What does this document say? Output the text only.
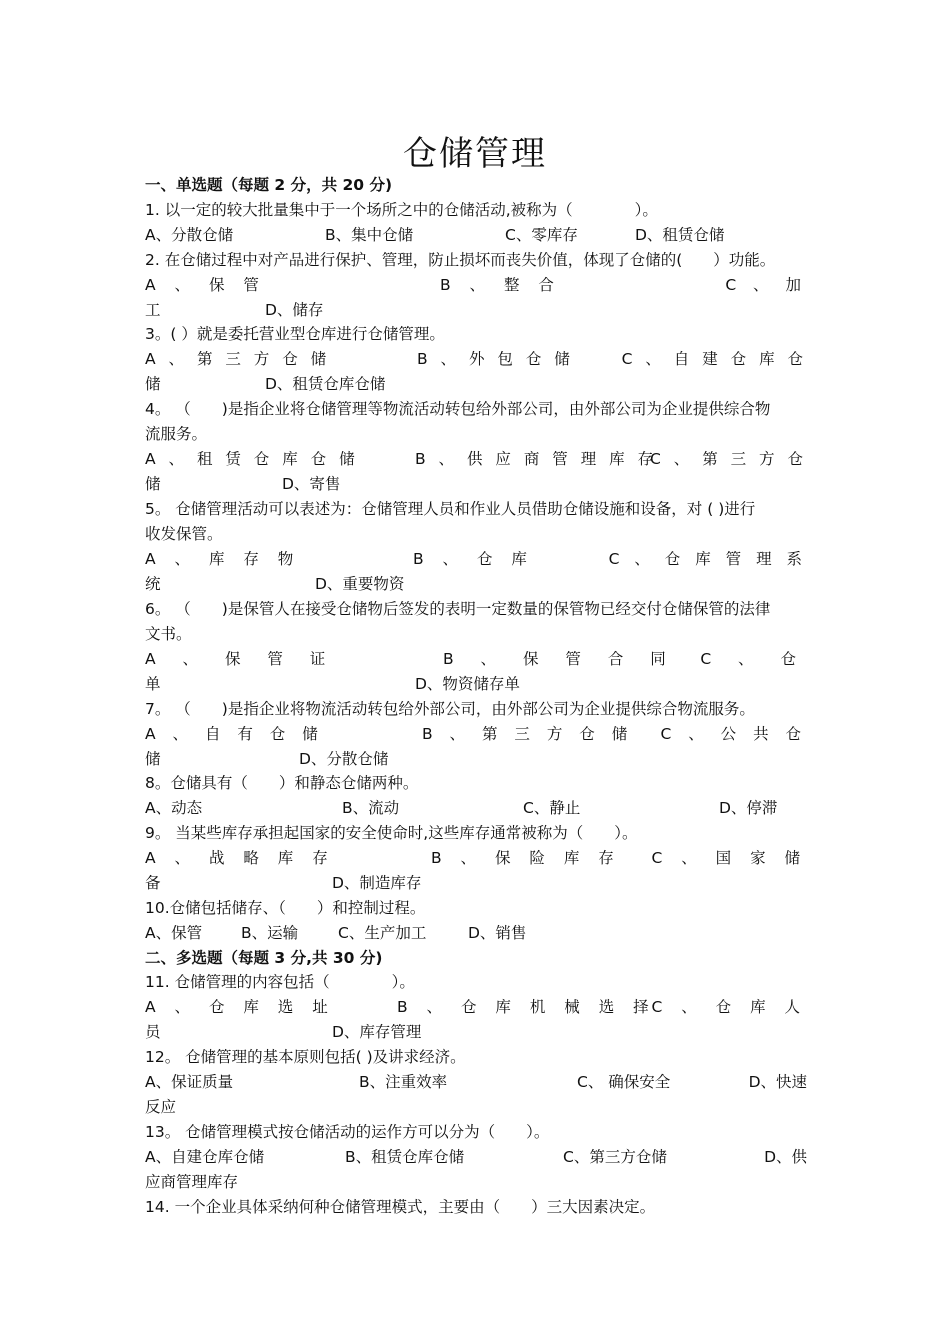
仓储管理
一、单选题（每题 2 分，共 20 分)
1. 以一定的较大批量集中于一个场所之中的仓储活动,被称为（　　　　）。
A、分散仓储	B、集中仓储	C、零库存	D、租赁仓储
2. 在仓储过程中对产品进行保护、管理，防止损坏而丧失价值，体现了仓储的(　　）功能。
A 、 保 管	B 、 整 合	C 、 加
工	D、储存
3。( ）就是委托营业型仓库进行仓储管理。
A 、 第 三 方 仓 储	B 、 外 包 仓 储	C 、 自 建 仓 库 仓
储	D、租赁仓库仓储
4。 （　　)是指企业将仓储管理等物流活动转包给外部公司，由外部公司为企业提供综合物
流服务。
A 、 租 赁 仓 库 仓 储	B 、 供 应 商 管 理 库 存
C 、 第 三 方 仓
储	D、寄售
5。 仓储管理活动可以表述为：仓储管理人员和作业人员借助仓储设施和设备，对 ( )进行
收发保管。
A 、 库 存 物	B 、 仓 库	C 、 仓 库 管 理 系
统	D、重要物资
6。 （　　)是保管人在接受仓储物后签发的表明一定数量的保管物已经交付仓储保管的法律
文书。
A 、 保 管 证	B 、 保 管 合 同 C 、 仓
单	D、物资储存单
7。 （　　)是指企业将物流活动转包给外部公司，由外部公司为企业提供综合物流服务。
A 、 自 有 仓 储	B 、 第 三 方 仓 储 C 、 公 共 仓
储	D、分散仓储
8。仓储具有（　　）和静态仓储两种。
A、动态	B、流动	C、静止	D、停滞
9。 当某些库存承担起国家的安全使命时,这些库存通常被称为（　　）。
A 、 战 略 库 存	B 、 保 险 库 存 C 、 国 家 储
备	D、制造库存
10.仓储包括储存、（　　）和控制过程。
A、保管	B、运输	C、生产加工	D、销售
二、多选题（每题 3 分,共 30 分)
11. 仓储管理的内容包括（　　　　）。
A 、 仓 库 选 址	B 、 仓 库 机 械 选 择
C 、 仓 库 人
员	D、库存管理
12。 仓储管理的基本原则包括( )及讲求经济。
A、保证质量	B、注重效率	C、 确保安全	D、快速
反应
13。 仓储管理模式按仓储活动的运作方可以分为（　　）。
A、自建仓库仓储	B、租赁仓库仓储	C、第三方仓储	D、供
应商管理库存
14. 一个企业具体采纳何种仓储管理模式，主要由（　　）三大因素决定。
